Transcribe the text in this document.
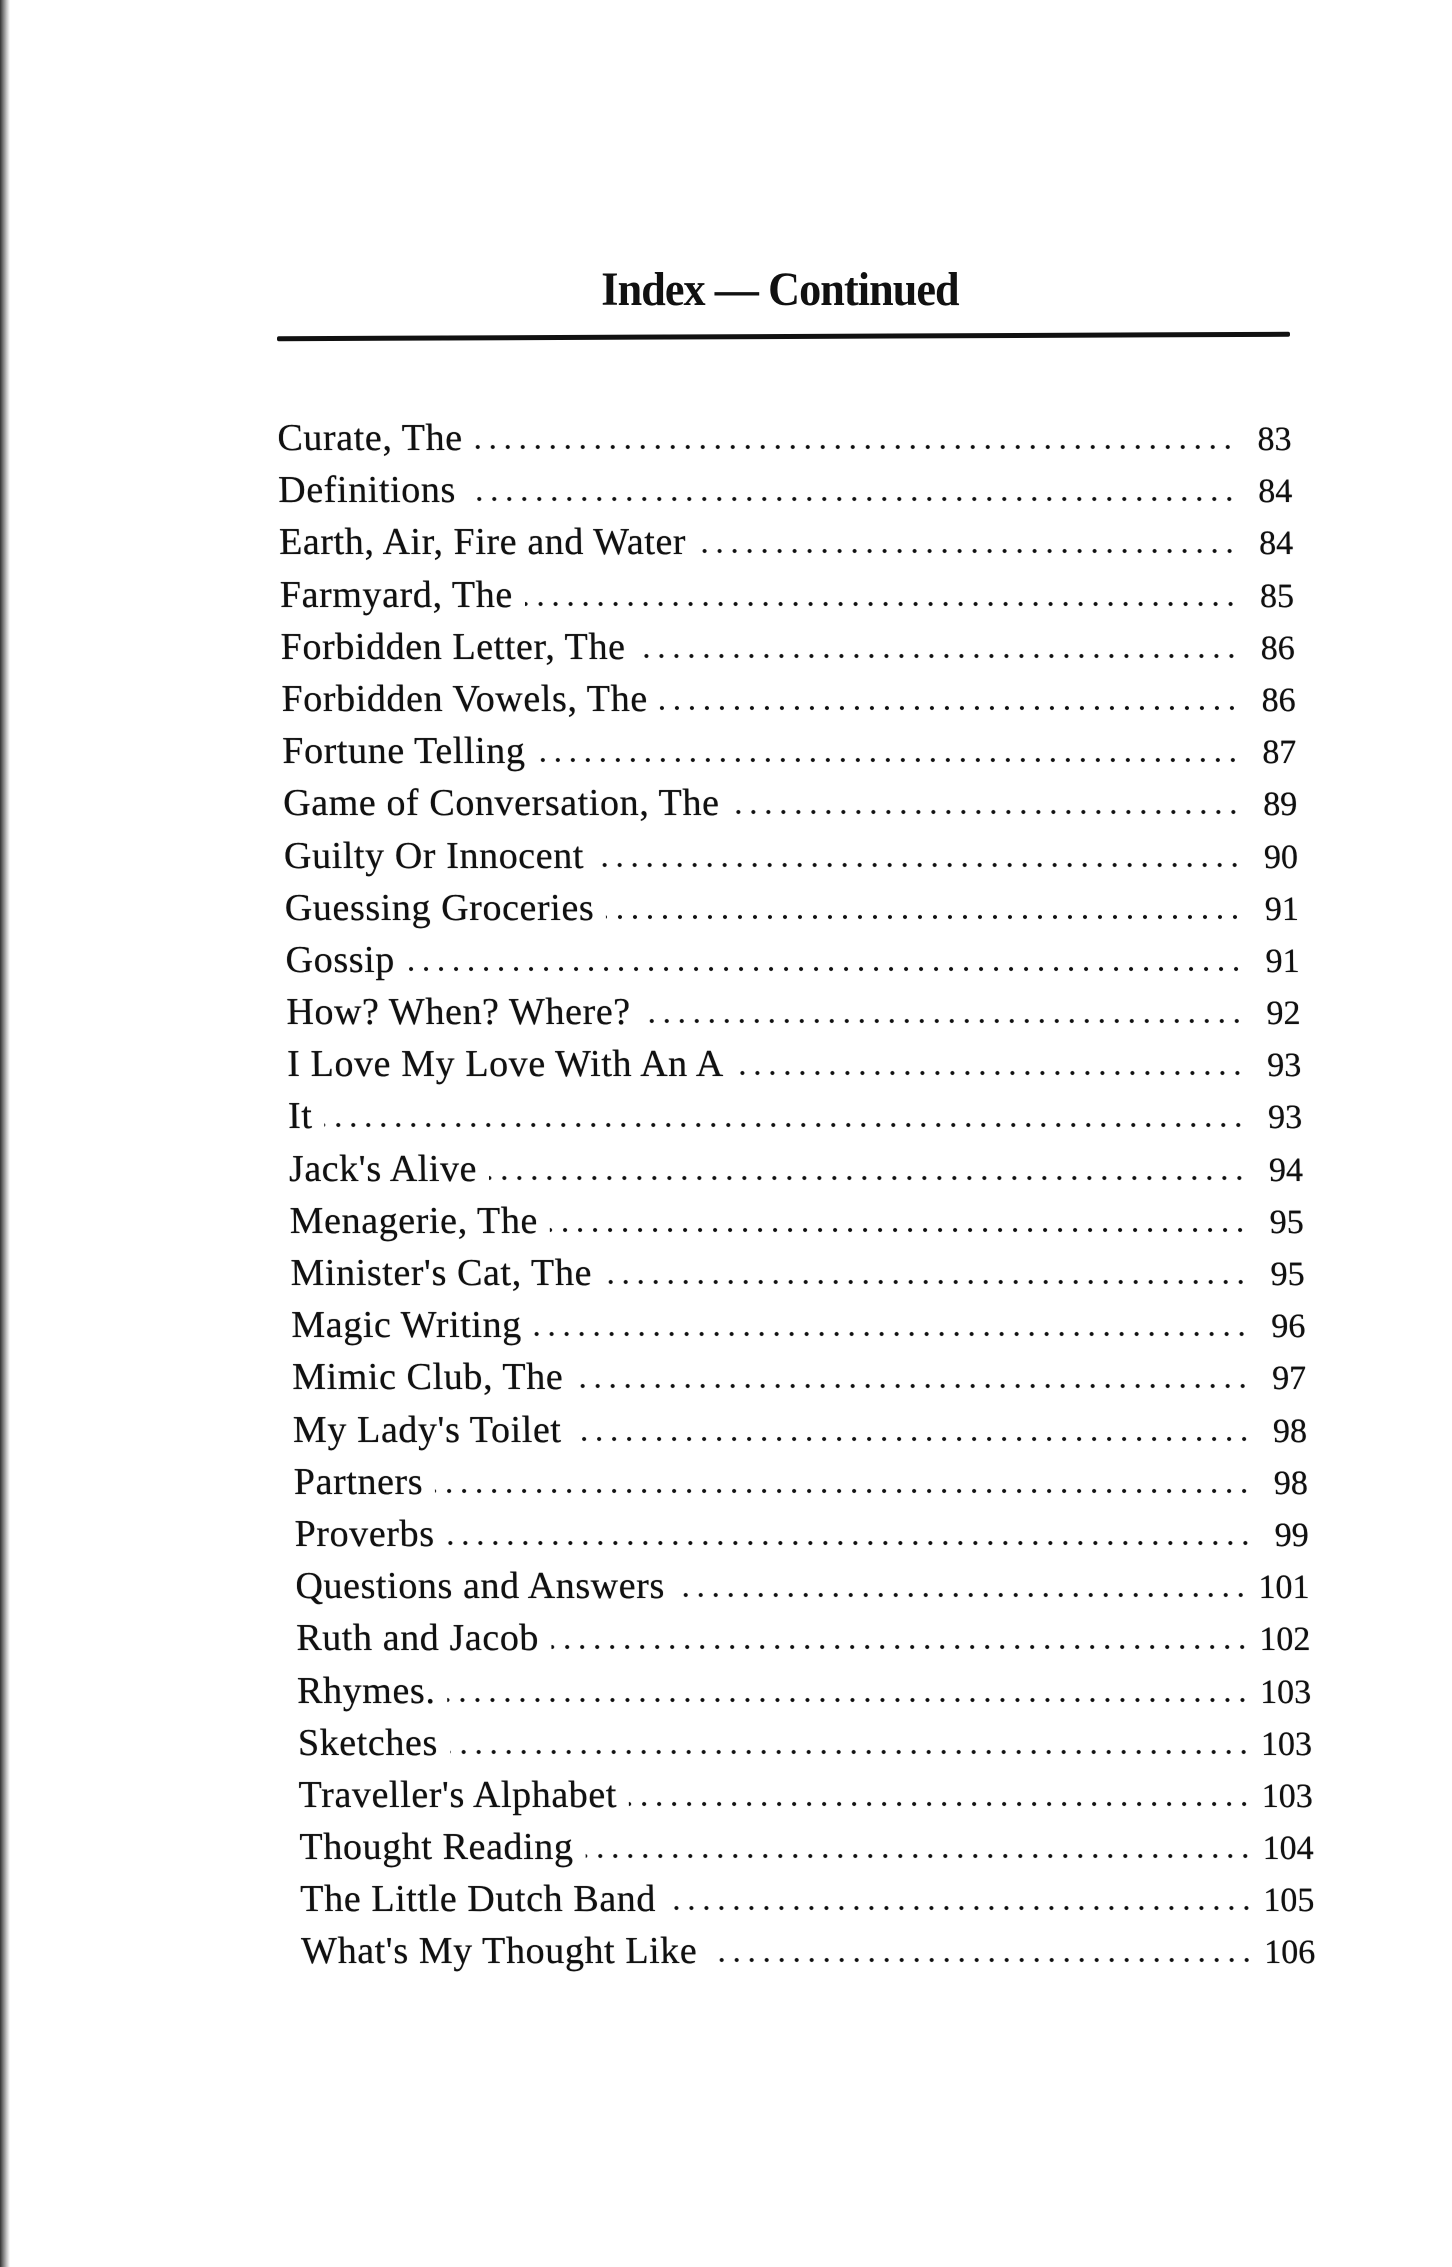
Index — Continued
Curate, The	83
Definitions	84
Earth, Air, Fire and Water	84
Farmyard, The	85
Forbidden Letter, The	86
Forbidden Vowels, The	86
Fortune Telling	87
Game of Conversation, The	89
Guilty Or Innocent	90
Guessing Groceries	91
Gossip	91
How? When? Where?	92
I Love My Love With An A	93
It	93
Jack's Alive	94
Menagerie, The	95
Minister's Cat, The	95
Magic Writing	96
Mimic Club, The	97
My Lady's Toilet	98
Partners	98
Proverbs	99
Questions and Answers	101
Ruth and Jacob	102
Rhymes.	103
Sketches	103
Traveller's Alphabet	103
Thought Reading	104
The Little Dutch Band	105
What's My Thought Like	106
